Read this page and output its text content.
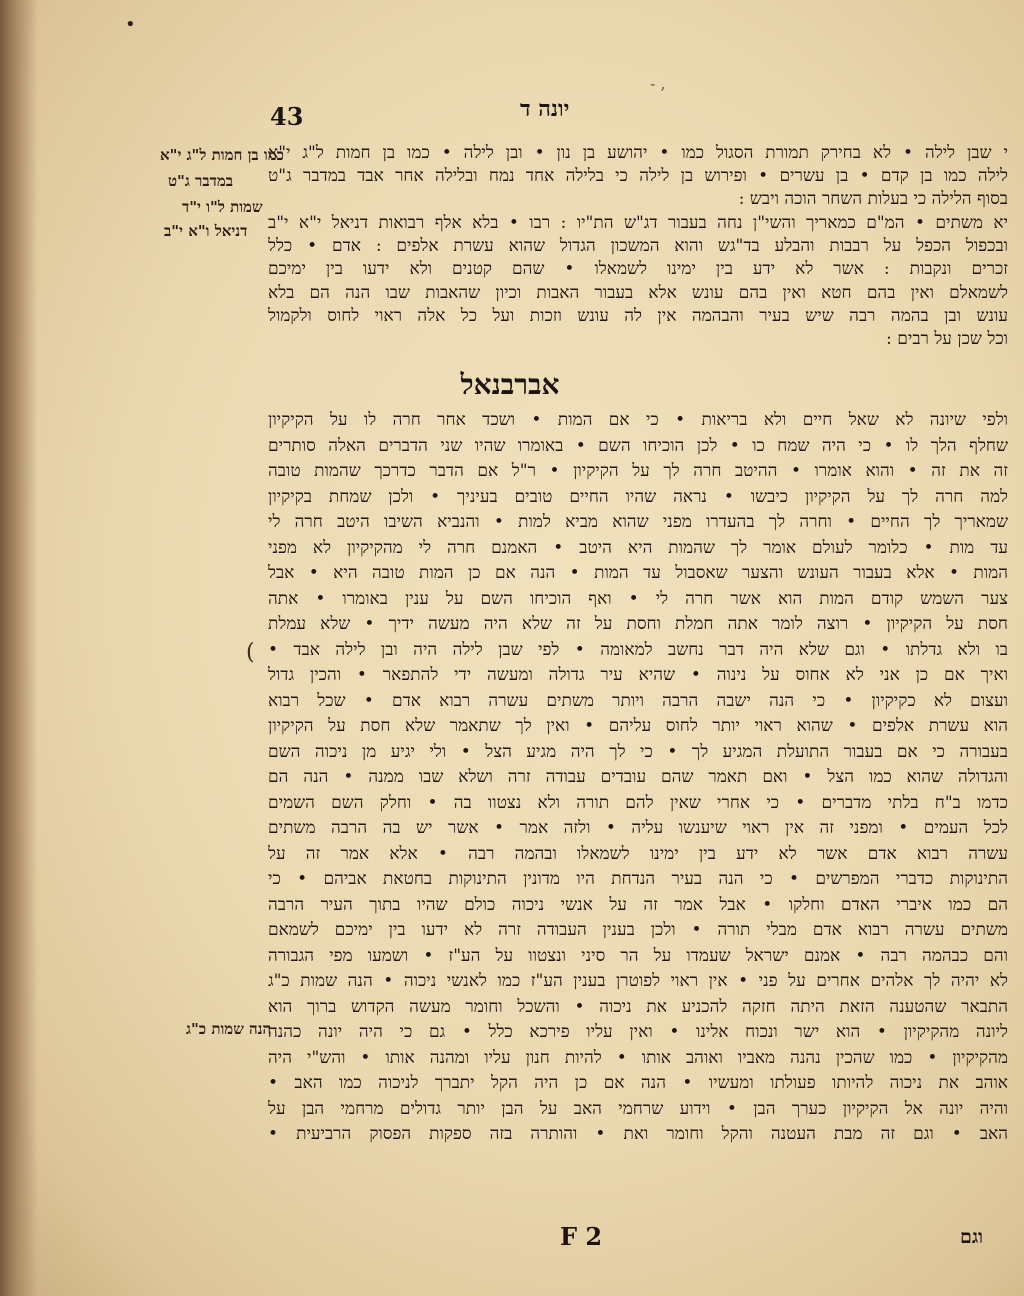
•
- ,
43	יונה ד
כמו בן חמות ל"ג י"א
במדבר ג"ט
שמות ל"ו י"ד
דניאל ו"א י"ב
הנה שמות כ"ג
י שבן לילה • לא בחירק תמורת הסגול כמו • יהושע בן נון • ובן לילה • כמו בן חמות ל"ג י"א
לילה כמו בן קדם • בן עשרים • ופירוש בן לילה כי בלילה אחד נמח ובלילה אחר אבד במדבר ג"ט
בסוף הלילה כי בעלות השחר הוכה ויבש :
יא משתים • המ"ם כמאריך והשי"ן נחה בעבור דג"ש הת"יו : רבו • בלא אלף רבואות דניאל י"א י"ב
ובכפול הכפל על רבבות והבלע בד"גש והוא המשכון הגדול שהוא עשרת אלפים : אדם • כלל
זכרים ונקבות : אשר לא ידע בין ימינו לשמאלו • שהם קטנים ולא ידעו בין ימיכם
לשמאלם ואין בהם חטא ואין בהם עונש אלא בעבור האבות וכיון שהאבות שבו הנה הם בלא
עונש ובן בהמה רבה שיש בעיר והבהמה אין לה עונש וזכות ועל כל אלה ראוי לחוס ולקמול
וכל שכן על רבים :
אברבנאל
ולפי שיונה לא שאל חיים ולא בריאות • כי אם המות • ושכד אחר חרה לו על הקיקיון
שחלף הלך לו • כי היה שמח כו • לכן הוכיחו השם • באומרו שהיו שני הדברים האלה סותרים
זה את זה • והוא אומרו • ההיטב חרה לך על הקיקיון • ר"ל אם הדבר כדרכך שהמות טובה
למה חרה לך על הקיקיון כיבשו • נראה שהיו החיים טובים בעיניך • ולכן שמחת בקיקיון
שמאריך לך החיים • וחרה לך בהעדרו מפני שהוא מביא למות • והנביא השיבו היטב חרה לי
עד מות • כלומר לעולם אומר לך שהמות היא היטב • האמנם חרה לי מהקיקיון לא מפני
המות • אלא בעבור העונש והצער שאסבול עד המות • הנה אם כן המות טובה היא • אבל
צער השמש קודם המות הוא אשר חרה לי • ואף הוכיחו השם על ענין באומרו • אתה
חסת על הקיקיון • רוצה לומר אתה חמלת וחסת על זה שלא היה מעשה ידיך • שלא עמלת
בו ולא גדלתו • וגם שלא היה דבר נחשב למאומה • לפי שבן לילה היה ובן לילה אבד •
ואיך אם כן אני לא אחוס על נינוה • שהיא עיר גדולה ומעשה ידי להתפאר • והכין גדול
ועצום לא כקיקיון • כי הנה ישבה הרבה ויותר משתים עשרה רבוא אדם • שכל רבוא
הוא עשרת אלפים • שהוא ראוי יותר לחוס עליהם • ואין לך שתאמר שלא חסת על הקיקיון
בעבורה כי אם בעבור התועלת המגיע לך • כי לך היה מגיע הצל • ולי יגיע מן ניכוה השם
והגדולה שהוא כמו הצל • ואם תאמר שהם עובדים עבודה זרה ושלא שבו ממנה • הנה הם
כדמו ב"ח בלתי מדברים • כי אחרי שאין להם תורה ולא נצטוו בה • וחלק השם השמים
לכל העמים • ומפני זה אין ראוי שיענשו עליה • ולזה אמר • אשר יש בה הרבה משתים
עשרה רבוא אדם אשר לא ידע בין ימינו לשמאלו ובהמה רבה • אלא אמר זה על
התינוקות כדברי המפרשים • כי הנה בעיר הנדחת היו מדונין התינוקות בחטאת אביהם • כי
הם כמו איברי האדם וחלקו • אבל אמר זה על אנשי ניכוה כולם שהיו בתוך העיר הרבה
משתים עשרה רבוא אדם מבלי תורה • ולכן בענין העבודה זרה לא ידעו בין ימיכם לשמאם
והם כבהמה רבה • אמנם ישראל שעמדו על הר סיני ונצטוו על הע"ז • ושמעו מפי הגבורה
לא יהיה לך אלהים אחרים על פני • אין ראוי לפוטרן בענין הע"ז כמו לאנשי ניכוה • הנה שמות כ"ג
התבאר שהטענה הזאת היתה חזקה להכניע את ניכוה • והשכל וחומר מעשה הקדוש ברוך הוא
ליונה מהקיקיון • הוא ישר ונכוח אלינו • ואין עליו פירכא כלל • גם כי היה יונה כהנה
מהקיקיון • כמו שהכין נהנה מאביו ואוהב אותו • להיות חנון עליו ומהנה אותו • והש"י היה
אוהב את ניכוה להיותו פעולתו ומעשיו • הנה אם כן היה הקל יתברך לניכוה כמו האב •
והיה יונה אל הקיקיון כערך הבן • וידוע שרחמי האב על הבן יותר גדולים מרחמי הבן על
האב • וגם זה מבת העטנה והקל וחומר ואת • והותרה בזה ספקות הפסוק הרביעית •
(
F 2	וגם
